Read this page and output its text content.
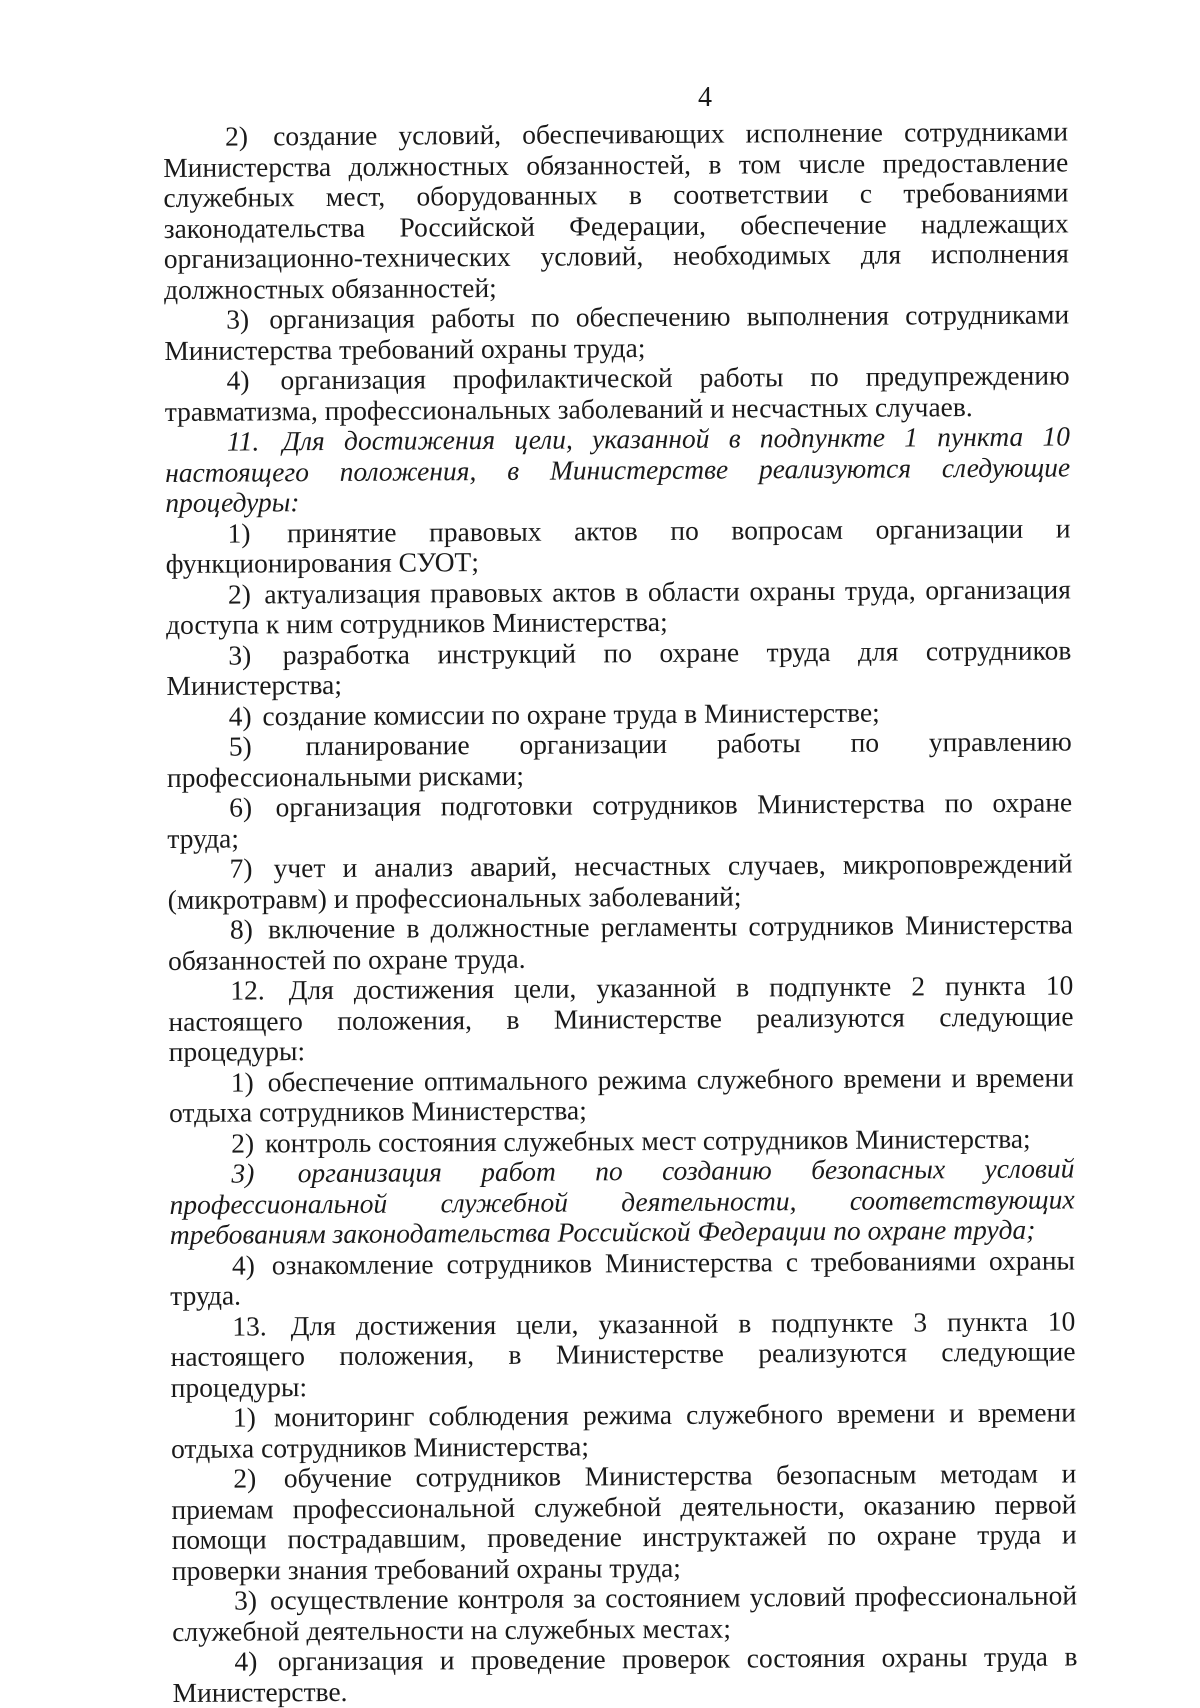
4

2) создание условий, обеспечивающих исполнение сотрудниками Министерства должностных обязанностей, в том числе предоставление служебных мест, оборудованных в соответствии с требованиями законодательства Российской Федерации, обеспечение надлежащих организационно-технических условий, необходимых для исполнения должностных обязанностей;

3) организация работы по обеспечению выполнения сотрудниками Министерства требований охраны труда;

4) организация профилактической работы по предупреждению травматизма, профессиональных заболеваний и несчастных случаев.

11. Для достижения цели, указанной в подпункте 1 пункта 10 настоящего положения, в Министерстве реализуются следующие процедуры:

1) принятие правовых актов по вопросам организации и функционирования СУОТ;

2) актуализация правовых актов в области охраны труда, организация доступа к ним сотрудников Министерства;

3) разработка инструкций по охране труда для сотрудников Министерства;

4) создание комиссии по охране труда в Министерстве;

5) планирование организации работы по управлению профессиональными рисками;

6) организация подготовки сотрудников Министерства по охране труда;

7) учет и анализ аварий, несчастных случаев, микроповреждений (микротравм) и профессиональных заболеваний;

8) включение в должностные регламенты сотрудников Министерства обязанностей по охране труда.

12. Для достижения цели, указанной в подпункте 2 пункта 10 настоящего положения, в Министерстве реализуются следующие процедуры:

1) обеспечение оптимального режима служебного времени и времени отдыха сотрудников Министерства;

2) контроль состояния служебных мест сотрудников Министерства;

3) организация работ по созданию безопасных условий профессиональной служебной деятельности, соответствующих требованиям законодательства Российской Федерации по охране труда;

4) ознакомление сотрудников Министерства с требованиями охраны труда.

13. Для достижения цели, указанной в подпункте 3 пункта 10 настоящего положения, в Министерстве реализуются следующие процедуры:

1) мониторинг соблюдения режима служебного времени и времени отдыха сотрудников Министерства;

2) обучение сотрудников Министерства безопасным методам и приемам профессиональной служебной деятельности, оказанию первой помощи пострадавшим, проведение инструктажей по охране труда и проверки знания требований охраны труда;

3) осуществление контроля за состоянием условий профессиональной служебной деятельности на служебных местах;

4) организация и проведение проверок состояния охраны труда в Министерстве.
